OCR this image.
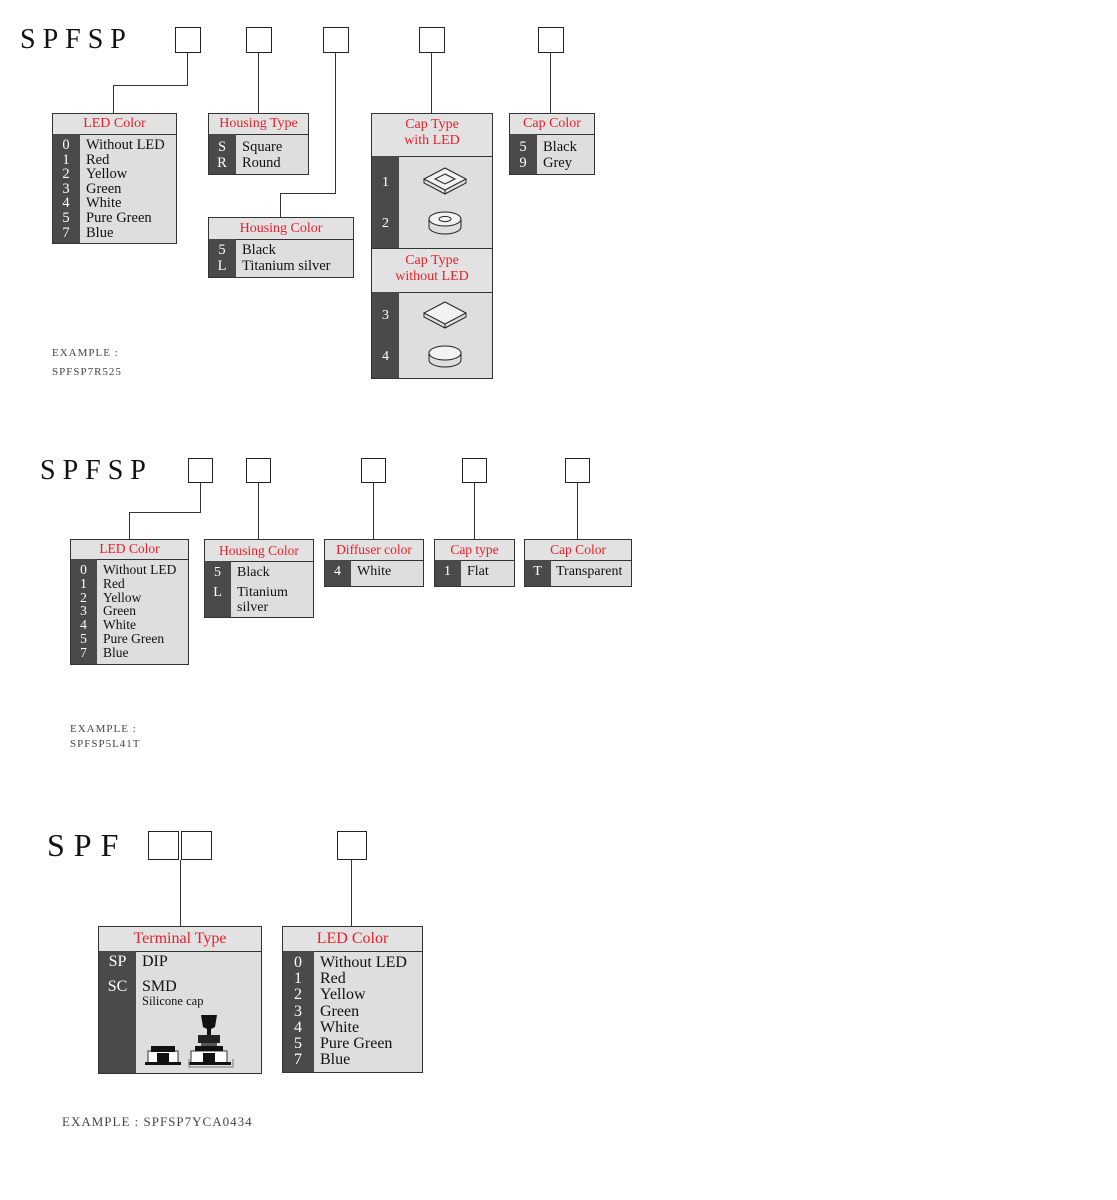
SPFSP
LED Color
0	Without LED
1	Red
2	Yellow
3	Green
4	White
5	Pure Green
7	Blue
Housing Type
S	Square
R	Round
Housing Color
5	Black
L	Titanium silver
Cap Type
with LED
Cap Type
without LED
1
2
3
4
Cap Color
5	Black
9	Grey
EXAMPLE :
SPFSP7R525
SPFSP
LED Color
0	Without LED
1	Red
2	Yellow
3	Green
4	White
5	Pure Green
7	Blue
Housing Color
5	Black
L	Titanium
silver
Diffuser color
4	White
Cap type
1	Flat
Cap Color
T	Transparent
EXAMPLE :
SPFSP5L41T
SPF
Terminal Type
SP DIP
SC SMD
Silicone cap
LED Color
0	Without LED
1	Red
2	Yellow
3	Green
4	White
5	Pure Green
7	Blue
EXAMPLE : SPFSP7YCA0434
